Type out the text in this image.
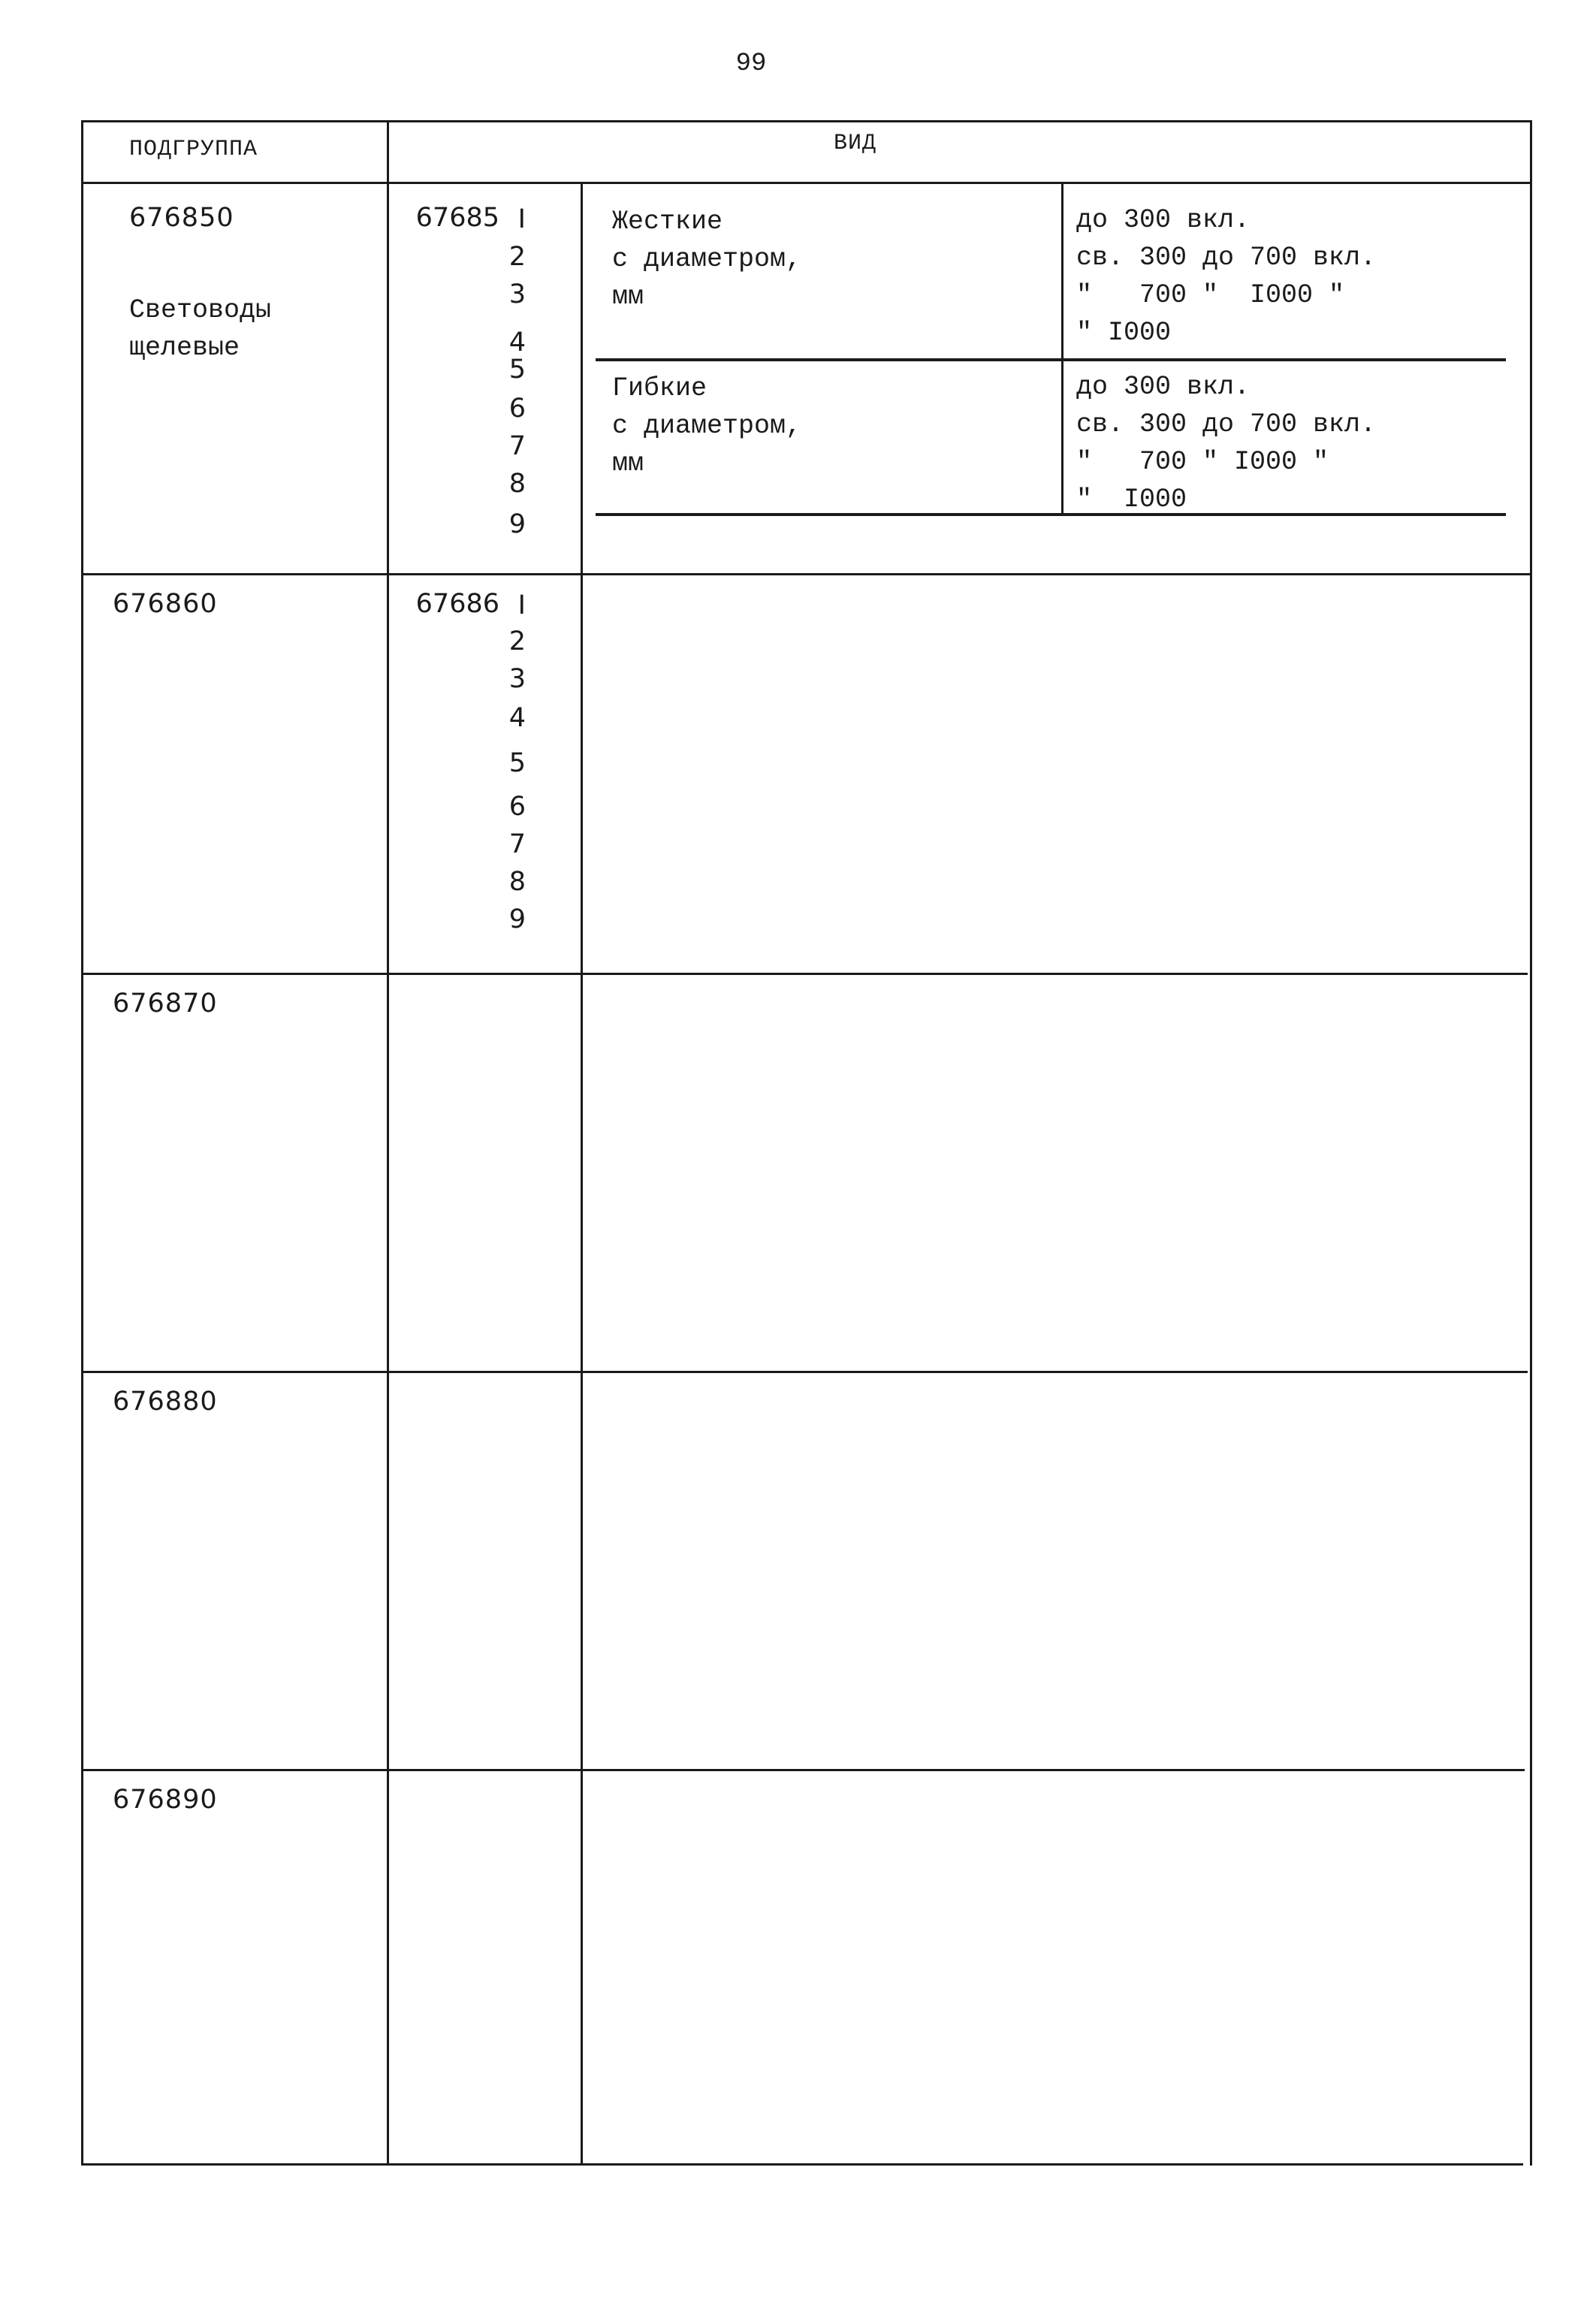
99
ПОДГРУППА	ВИД
676850
Световоды
щелевые
67685 I
2
3
4
5
6
7
8
9
Жесткие
с диаметром,
мм
до 300 вкл.
св. 300 до 700 вкл.
"   700 "  I000 "
" I000
Гибкие
с диаметром,
мм
до 300 вкл.
св. 300 до 700 вкл.
"   700 " I000 "
"  I000
676860	67686 I
2
3
4
5
6
7
8
9
676870
676880
676890
